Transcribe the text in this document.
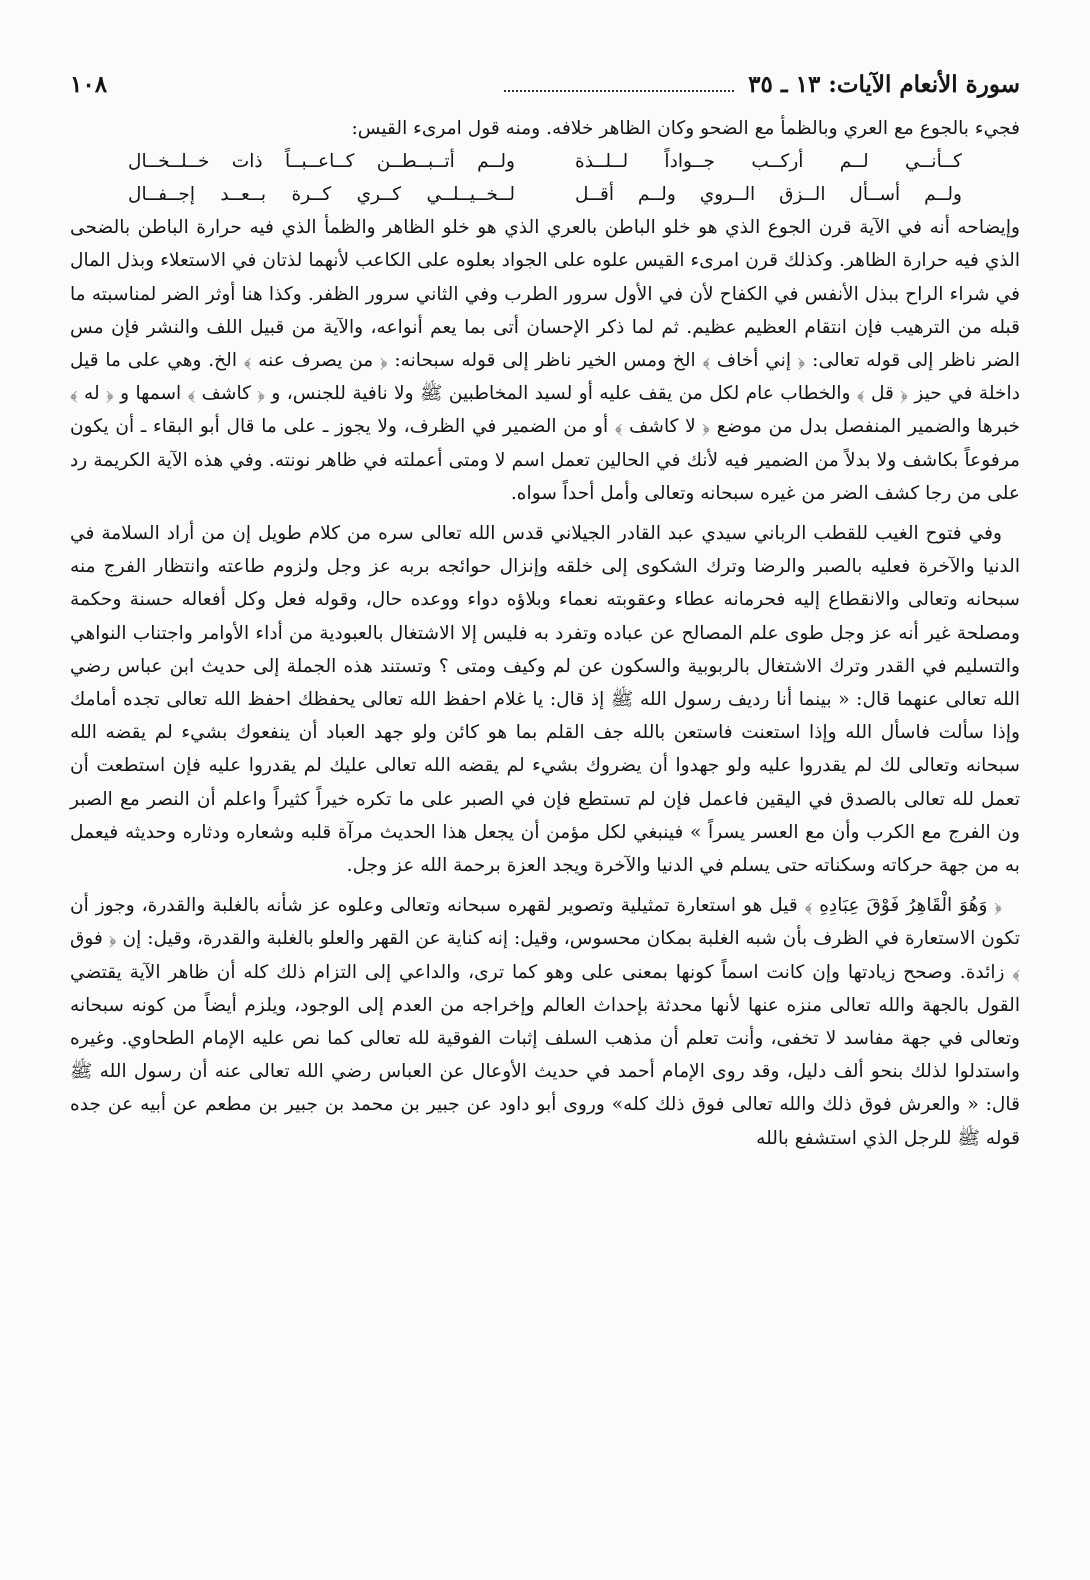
سورة الأنعام الآيات: ١٣ ـ ٣٥
١٠٨

فجيء بالجوع مع العري وبالظمأ مع الضحو وكان الظاهر خلافه. ومنه قول امرىء القيس:

كــأنــي لــم أركــب جــواداً لــلــذة
ولــم أتــبــطــن كــاعــبــاً ذات خــلــخــال
ولــم أســأل الــزق الــروي ولــم أقــل
لــخــيــلــي كــري كــرة بــعــد إجــفــال

وإيضاحه أنه في الآية قرن الجوع الذي هو خلو الباطن بالعري الذي هو خلو الظاهر والظمأ الذي فيه حرارة الباطن بالضحى الذي فيه حرارة الظاهر. وكذلك قرن امرىء القيس علوه على الجواد بعلوه على الكاعب لأنهما لذتان في الاستعلاء وبذل المال في شراء الراح ببذل الأنفس في الكفاح لأن في الأول سرور الطرب وفي الثاني سرور الظفر. وكذا هنا أوثر الضر لمناسبته ما قبله من الترهيب فإن انتقام العظيم عظيم. ثم لما ذكر الإحسان أتى بما يعم أنواعه، والآية من قبيل اللف والنشر فإن مس الضر ناظر إلى قوله تعالى: ﴿ إني أخاف ﴾ الخ ومس الخير ناظر إلى قوله سبحانه: ﴿ من يصرف عنه ﴾ الخ. وهي على ما قيل داخلة في حيز ﴿ قل ﴾ والخطاب عام لكل من يقف عليه أو لسيد المخاطبين ﷺ ولا نافية للجنس، و ﴿ كاشف ﴾ اسمها و ﴿ له ﴾ خبرها والضمير المنفصل بدل من موضع ﴿ لا كاشف ﴾ أو من الضمير في الظرف، ولا يجوز ـ على ما قال أبو البقاء ـ أن يكون مرفوعاً بكاشف ولا بدلاً من الضمير فيه لأنك في الحالين تعمل اسم لا ومتى أعملته في ظاهر نونته. وفي هذه الآية الكريمة رد على من رجا كشف الضر من غيره سبحانه وتعالى وأمل أحداً سواه.

وفي فتوح الغيب للقطب الرباني سيدي عبد القادر الجيلاني قدس الله تعالى سره من كلام طويل إن من أراد السلامة في الدنيا والآخرة فعليه بالصبر والرضا وترك الشكوى إلى خلقه وإنزال حوائجه بربه عز وجل ولزوم طاعته وانتظار الفرج منه سبحانه وتعالى والانقطاع إليه فحرمانه عطاء وعقوبته نعماء وبلاؤه دواء ووعده حال، وقوله فعل وكل أفعاله حسنة وحكمة ومصلحة غير أنه عز وجل طوى علم المصالح عن عباده وتفرد به فليس إلا الاشتغال بالعبودية من أداء الأوامر واجتناب النواهي والتسليم في القدر وترك الاشتغال بالربوبية والسكون عن لم وكيف ومتى ؟ وتستند هذه الجملة إلى حديث ابن عباس رضي الله تعالى عنهما قال: « بينما أنا رديف رسول الله ﷺ إذ قال: يا غلام احفظ الله تعالى يحفظك احفظ الله تعالى تجده أمامك وإذا سألت فاسأل الله وإذا استعنت فاستعن بالله جف القلم بما هو كائن ولو جهد العباد أن ينفعوك بشيء لم يقضه الله سبحانه وتعالى لك لم يقدروا عليه ولو جهدوا أن يضروك بشيء لم يقضه الله تعالى عليك لم يقدروا عليه فإن استطعت أن تعمل لله تعالى بالصدق في اليقين فاعمل فإن لم تستطع فإن في الصبر على ما تكره خيراً كثيراً واعلم أن النصر مع الصبر ون الفرج مع الكرب وأن مع العسر يسراً » فينبغي لكل مؤمن أن يجعل هذا الحديث مرآة قلبه وشعاره ودثاره وحديثه فيعمل به من جهة حركاته وسكناته حتى يسلم في الدنيا والآخرة ويجد العزة برحمة الله عز وجل.

﴿ وَهُوَ الْقَاهِرُ فَوْقَ عِبَادِهِ ﴾ قيل هو استعارة تمثيلية وتصوير لقهره سبحانه وتعالى وعلوه عز شأنه بالغلبة والقدرة، وجوز أن تكون الاستعارة في الظرف بأن شبه الغلبة بمكان محسوس، وقيل: إنه كناية عن القهر والعلو بالغلبة والقدرة، وقيل: إن ﴿ فوق ﴾ زائدة. وصحح زيادتها وإن كانت اسماً كونها بمعنى على وهو كما ترى، والداعي إلى التزام ذلك كله أن ظاهر الآية يقتضي القول بالجهة والله تعالى منزه عنها لأنها محدثة بإحداث العالم وإخراجه من العدم إلى الوجود، ويلزم أيضاً من كونه سبحانه وتعالى في جهة مفاسد لا تخفى، وأنت تعلم أن مذهب السلف إثبات الفوقية لله تعالى كما نص عليه الإمام الطحاوي. وغيره واستدلوا لذلك بنحو ألف دليل، وقد روى الإمام أحمد في حديث الأوعال عن العباس رضي الله تعالى عنه أن رسول الله ﷺ قال: « والعرش فوق ذلك والله تعالى فوق ذلك كله» وروى أبو داود عن جبير بن محمد بن جبير بن مطعم عن أبيه عن جده قوله ﷺ للرجل الذي استشفع بالله
